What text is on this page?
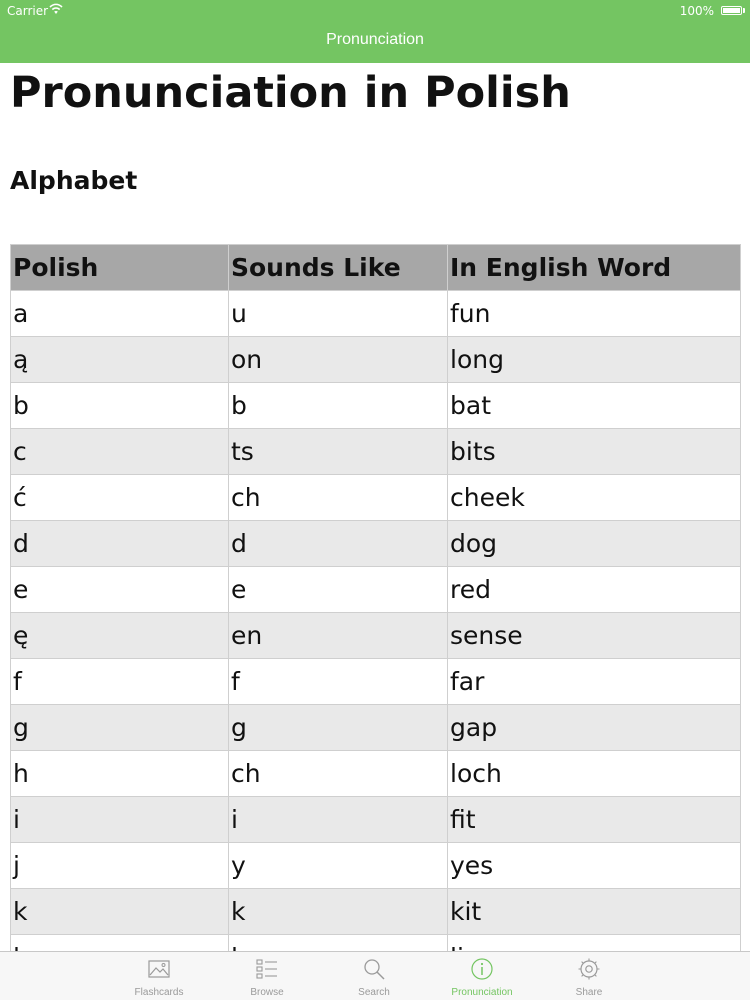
Carrier	100%
Pronunciation
Pronunciation in Polish
Alphabet
Polish	Sounds Like	In English Word
a	u	fun
ą	on	long
b	b	bat
c	ts	bits
ć	ch	cheek
d	d	dog
e	e	red
ę	en	sense
f	f	far
g	g	gap
h	ch	loch
i	i	fit
j	y	yes
k	k	kit

Flashcards	Browse	Search	Pronunciation	Share
